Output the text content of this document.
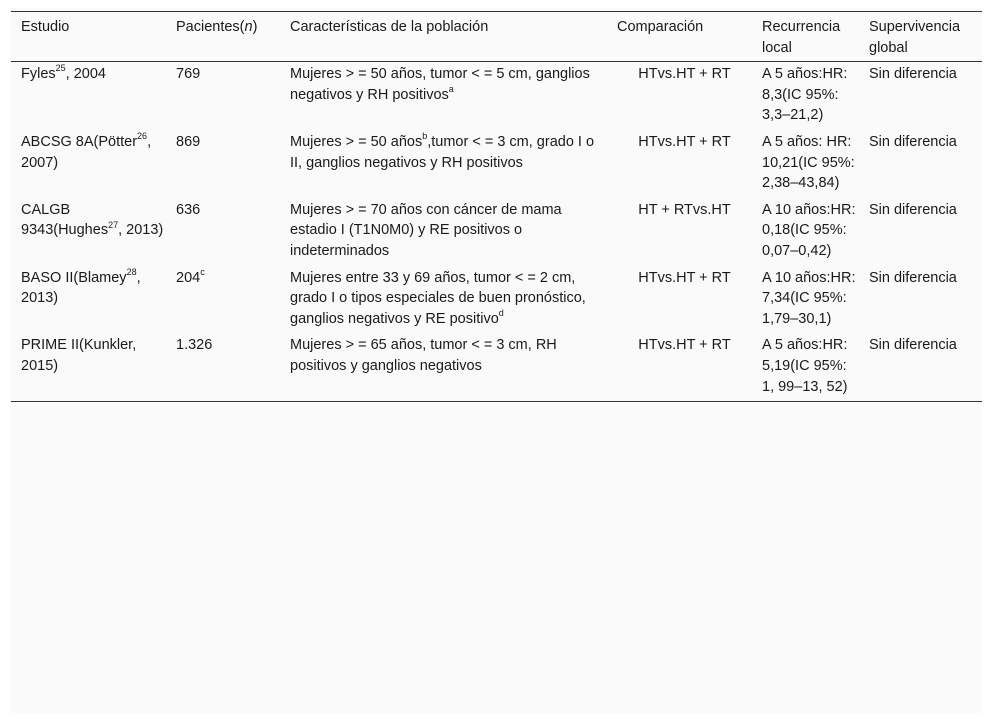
Estudio	Pacientes(n)	Características de la población	Comparación	Recurrencia local	Supervivencia global
Fyles$^{25}$, 2004	769	Mujeres > = 50 años, tumor < = 5 cm, ganglios negativos y RH positivos$^a$	HTvs.HT + RT	A 5 años:HR: 8,3(IC 95%: 3,3–21,2)	Sin diferencia
ABCSG 8A(Pötter$^{26}$, 2007)	869	Mujeres > = 50 años$^b$,tumor < = 3 cm, grado I o II, ganglios negativos y RH positivos	HTvs.HT + RT	A 5 años: HR: 10,21(IC 95%: 2,38–43,84)	Sin diferencia
CALGB 9343(Hughes$^{27}$, 2013)	636	Mujeres > = 70 años con cáncer de mama estadio I (T1N0M0) y RE positivos o indeterminados	HT + RTvs.HT	A 10 años:HR: 0,18(IC 95%: 0,07–0,42)	Sin diferencia
BASO II(Blamey$^{28}$, 2013)	204$^c$	Mujeres entre 33 y 69 años, tumor < = 2 cm, grado I o tipos especiales de buen pronóstico, ganglios negativos y RE positivo$^d$	HTvs.HT + RT	A 10 años:HR: 7,34(IC 95%: 1,79–30,1)	Sin diferencia
PRIME II(Kunkler, 2015)	1.326	Mujeres > = 65 años, tumor < = 3 cm, RH positivos y ganglios negativos	HTvs.HT + RT	A 5 años:HR: 5,19(IC 95%: 1, 99–13, 52)	Sin diferencia
